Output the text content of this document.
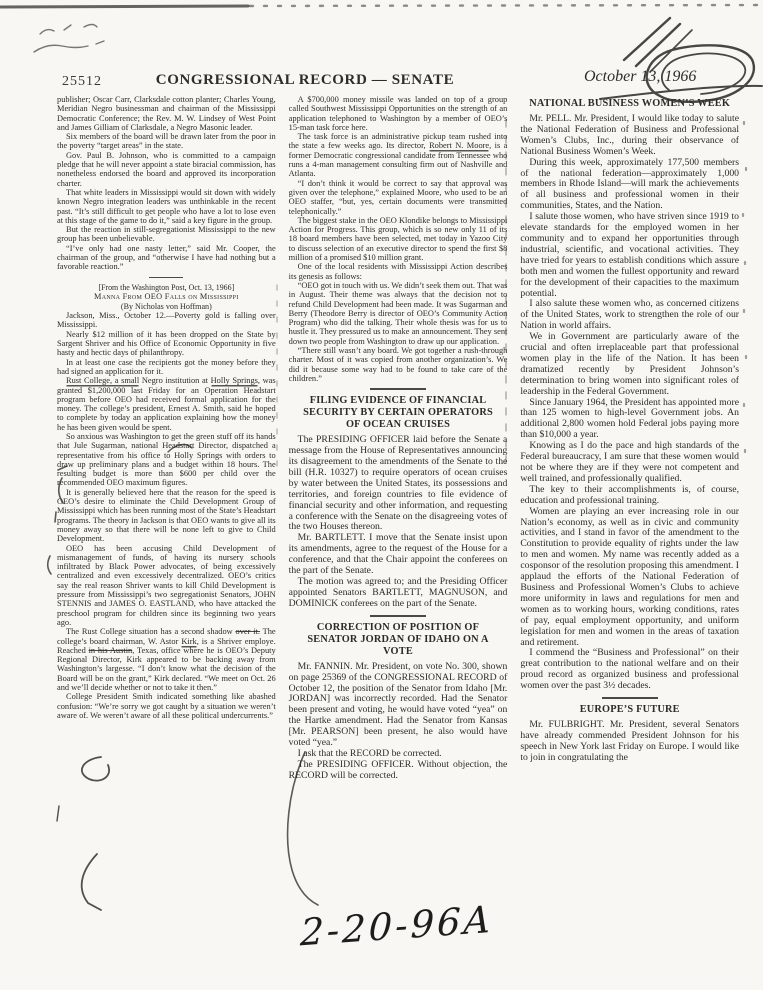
25512	CONGRESSIONAL RECORD — SENATE	October 13, 1966

publisher; Oscar Carr, Clarksdale cotton planter; Charles Young, Meridian Negro businessman and chairman of the Mississippi Democratic Conference; the Rev. M. W. Lindsey of West Point and James Gilliam of Clarksdale, a Negro Masonic leader.

Six members of the board will be drawn later from the poor in the poverty “target areas” in the state.

Gov. Paul B. Johnson, who is committed to a campaign pledge that he will never appoint a state biracial commission, has nonetheless endorsed the board and approved its incorporation charter.

That white leaders in Mississippi would sit down with widely known Negro integration leaders was unthinkable in the recent past. “It’s still difficult to get people who have a lot to lose even at this stage of the game to do it,” said a key figure in the group.

But the reaction in still-segregationist Mississippi to the new group has been unbelievable.

“I’ve only had one nasty letter,” said Mr. Cooper, the chairman of the group, and “otherwise I have had nothing but a favorable reaction.”

[From the Washington Post, Oct. 13, 1966]

Manna From OEO Falls on Mississippi

(By Nicholas von Hoffman)

Jackson, Miss., October 12.—Poverty gold is falling over Mississippi.

Nearly $12 million of it has been dropped on the State by Sargent Shriver and his Office of Economic Opportunity in five hasty and hectic days of philanthropy.

In at least one case the recipients got the money before they had signed an application for it.

Rust College, a small Negro institution at Holly Springs, was granted $1,200,000 last Friday for an Operation Headstart program before OEO had received formal application for the money. The college’s president, Ernest A. Smith, said he hoped to complete by today an application explaining how the money he has been given would be spent.

So anxious was Washington to get the green stuff off its hands that Jule Sugarman, national Headstart Director, dispatched a representative from his office to Holly Springs with orders to draw up preliminary plans and a budget within 18 hours. The resulting budget is more than $600 per child over the recommended OEO maximum figures.

It is generally believed here that the reason for the speed is OEO’s desire to eliminate the Child Development Group of Mississippi which has been running most of the State’s Headstart programs. The theory in Jackson is that OEO wants to give all its money away so that there will be none left to give to Child Development.

OEO has been accusing Child Development of mismanagement of funds, of having its nursery schools infiltrated by Black Power advocates, of being excessively centralized and even excessively decentralized. OEO’s critics say the real reason Shriver wants to kill Child Development is pressure from Mississippi’s two segregationist Senators, JOHN STENNIS and JAMES O. EASTLAND, who have attacked the preschool program for children since its beginning two years ago.

The Rust College situation has a second shadow over it. The college’s board chairman, W. Astor Kirk, is a Shriver employe. Reached in his Austin, Texas, office where he is OEO’s Deputy Regional Director, Kirk appeared to be backing away from Washington’s largesse. “I don’t know what the decision of the Board will be on the grant,” Kirk declared. “We meet on Oct. 26 and we’ll decide whether or not to take it then.”

College President Smith indicated something like abashed confusion: “We’re sorry we got caught by a situation we weren’t aware of. We weren’t aware of all these political undercurrents.”

A $700,000 money missile was landed on top of a group called Southwest Mississippi Opportunities on the strength of an application telephoned to Washington by a member of OEO’s 15-man task force here.

The task force is an administrative pickup team rushed into the state a few weeks ago. Its director, Robert N. Moore, is a former Democratic congressional candidate from Tennessee who runs a 4-man management consulting firm out of Nashville and Atlanta.

“I don’t think it would be correct to say that approval was given over the telephone,” explained Moore, who used to be an OEO staffer, “but, yes, certain documents were transmitted telephonically.”

The biggest stake in the OEO Klondike belongs to Mississippi Action for Progress. This group, which is so new only 11 of its 18 board members have been selected, met today in Yazoo City to discuss selection of an executive director to spend the first $8 million of a promised $10 million grant.

One of the local residents with Mississippi Action describes its genesis as follows:

“OEO got in touch with us. We didn’t seek them out. That was in August. Their theme was always that the decision not to refund Child Development had been made. It was Sugarman and Berry (Theodore Berry is director of OEO’s Community Action Program) who did the talking. Their whole thesis was for us to hustle it. They pressured us to make an announcement. They sent down two people from Washington to draw up our application.

“There still wasn’t any board. We got together a rush-through charter. Most of it was copied from another organization’s. We did it because some way had to be found to take care of the children.”

FILING EVIDENCE OF FINANCIAL SECURITY BY CERTAIN OPERATORS OF OCEAN CRUISES

The PRESIDING OFFICER laid before the Senate a message from the House of Representatives announcing its disagreement to the amendments of the Senate to the bill (H.R. 10327) to require operators of ocean cruises by water between the United States, its possessions and territories, and foreign countries to file evidence of financial security and other information, and requesting a conference with the Senate on the disagreeing votes of the two Houses thereon.

Mr. BARTLETT. I move that the Senate insist upon its amendments, agree to the request of the House for a conference, and that the Chair appoint the conferees on the part of the Senate.

The motion was agreed to; and the Presiding Officer appointed Senators BARTLETT, MAGNUSON, and DOMINICK conferees on the part of the Senate.

CORRECTION OF POSITION OF SENATOR JORDAN OF IDAHO ON A VOTE

Mr. FANNIN. Mr. President, on vote No. 300, shown on page 25369 of the CONGRESSIONAL RECORD of October 12, the position of the Senator from Idaho [Mr. JORDAN] was incorrectly recorded. Had the Senator been present and voting, he would have voted “yea” on the Hartke amendment. Had the Senator from Kansas [Mr. PEARSON] been present, he also would have voted “yea.”

I ask that the RECORD be corrected.

The PRESIDING OFFICER. Without objection, the RECORD will be corrected.

NATIONAL BUSINESS WOMEN’S WEEK

Mr. PELL. Mr. President, I would like today to salute the National Federation of Business and Professional Women’s Clubs, Inc., during their observance of National Business Women’s Week.

During this week, approximately 177,500 members of the national federation—approximately 1,000 members in Rhode Island—will mark the achievements of all business and professional women in their communities, States, and the Nation.

I salute those women, who have striven since 1919 to elevate standards for the employed women in her community and to expand her opportunities through industrial, scientific, and vocational activities. They have tried for years to establish conditions which assure both men and women the fullest opportunity and reward for the development of their capacities to the maximum potential.

I also salute these women who, as concerned citizens of the United States, work to strengthen the role of our Nation in world affairs.

We in Government are particularly aware of the crucial and often irreplaceable part that professional women play in the life of the Nation. It has been dramatized recently by President Johnson’s determination to bring women into significant roles of leadership in the Federal Government.

Since January 1964, the President has appointed more than 125 women to high-level Government jobs. An additional 2,800 women hold Federal jobs paying more than $10,000 a year.

Knowing as I do the pace and high standards of the Federal bureaucracy, I am sure that these women would not be where they are if they were not competent and well trained, and professionally qualified.

The key to their accomplishments is, of course, education and professional training.

Women are playing an ever increasing role in our Nation’s economy, as well as in civic and community activities, and I stand in favor of the amendment to the Constitution to provide equality of rights under the law to men and women. My name was recently added as a cosponsor of the resolution proposing this amendment. I applaud the efforts of the National Federation of Business and Professional Women’s Clubs to achieve more uniformity in laws and regulations for men and women as to working hours, working conditions, rates of pay, equal employment opportunity, and uniform legislation for men and women in the areas of taxation and retirement.

I commend the “Business and Professional” on their great contribution to the national welfare and on their proud record as organized business and professional women over the past 3½ decades.

EUROPE’S FUTURE

Mr. FULBRIGHT. Mr. President, several Senators have already commended President Johnson for his speech in New York last Friday on Europe. I would like to join in congratulating the

2-20-96A
